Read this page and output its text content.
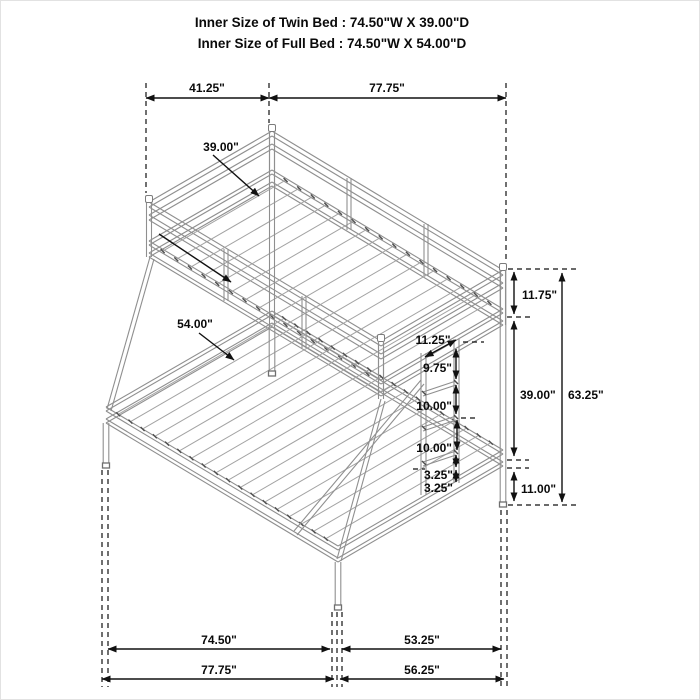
Inner Size of Twin Bed : 74.50"W X 39.00"D
Inner Size of Full Bed : 74.50"W X 54.00"D
41.25"	77.75"
39.00"
54.00"
11.75"
39.00"
11.00"
63.25"
11.25"
9.75"
10.00"
10.00"
3.25"
3.25"
74.50"	53.25"
77.75"	56.25"
